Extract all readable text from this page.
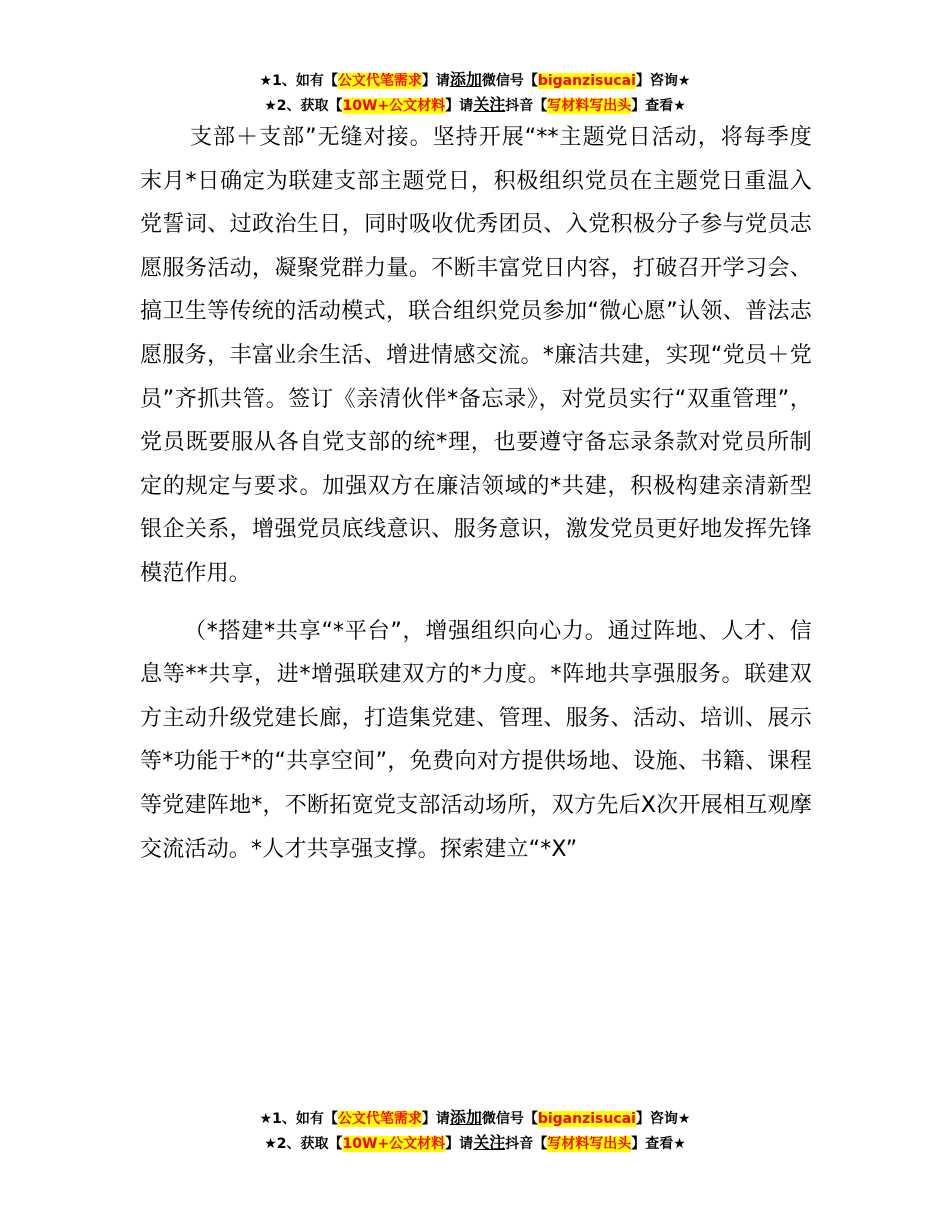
★1、如有【公文代笔需求】请添加微信号【biganzisucai】咨询★
★2、获取【10W+公文材料】请关注抖音【写材料写出头】查看★

支部＋支部”无缝对接。坚持开展“**主题党日活动，将每季度末月*日确定为联建支部主题党日，积极组织党员在主题党日重温入党誓词、过政治生日，同时吸收优秀团员、入党积极分子参与党员志愿服务活动，凝聚党群力量。不断丰富党日内容，打破召开学习会、搞卫生等传统的活动模式，联合组织党员参加“微心愿”认领、普法志愿服务，丰富业余生活、增进情感交流。*廉洁共建，实现“党员＋党员”齐抓共管。签订《亲清伙伴*备忘录》，对党员实行“双重管理”，党员既要服从各自党支部的统*理，也要遵守备忘录条款对党员所制定的规定与要求。加强双方在廉洁领域的*共建，积极构建亲清新型银企关系，增强党员底线意识、服务意识，激发党员更好地发挥先锋模范作用。

（*搭建*共享“*平台”，增强组织向心力。通过阵地、人才、信息等**共享，进*增强联建双方的*力度。*阵地共享强服务。联建双方主动升级党建长廊，打造集党建、管理、服务、活动、培训、展示等*功能于*的“共享空间”，免费向对方提供场地、设施、书籍、课程等党建阵地*，不断拓宽党支部活动场所，双方先后X次开展相互观摩交流活动。*人才共享强支撑。探索建立“*X”

★1、如有【公文代笔需求】请添加微信号【biganzisucai】咨询★
★2、获取【10W+公文材料】请关注抖音【写材料写出头】查看★
